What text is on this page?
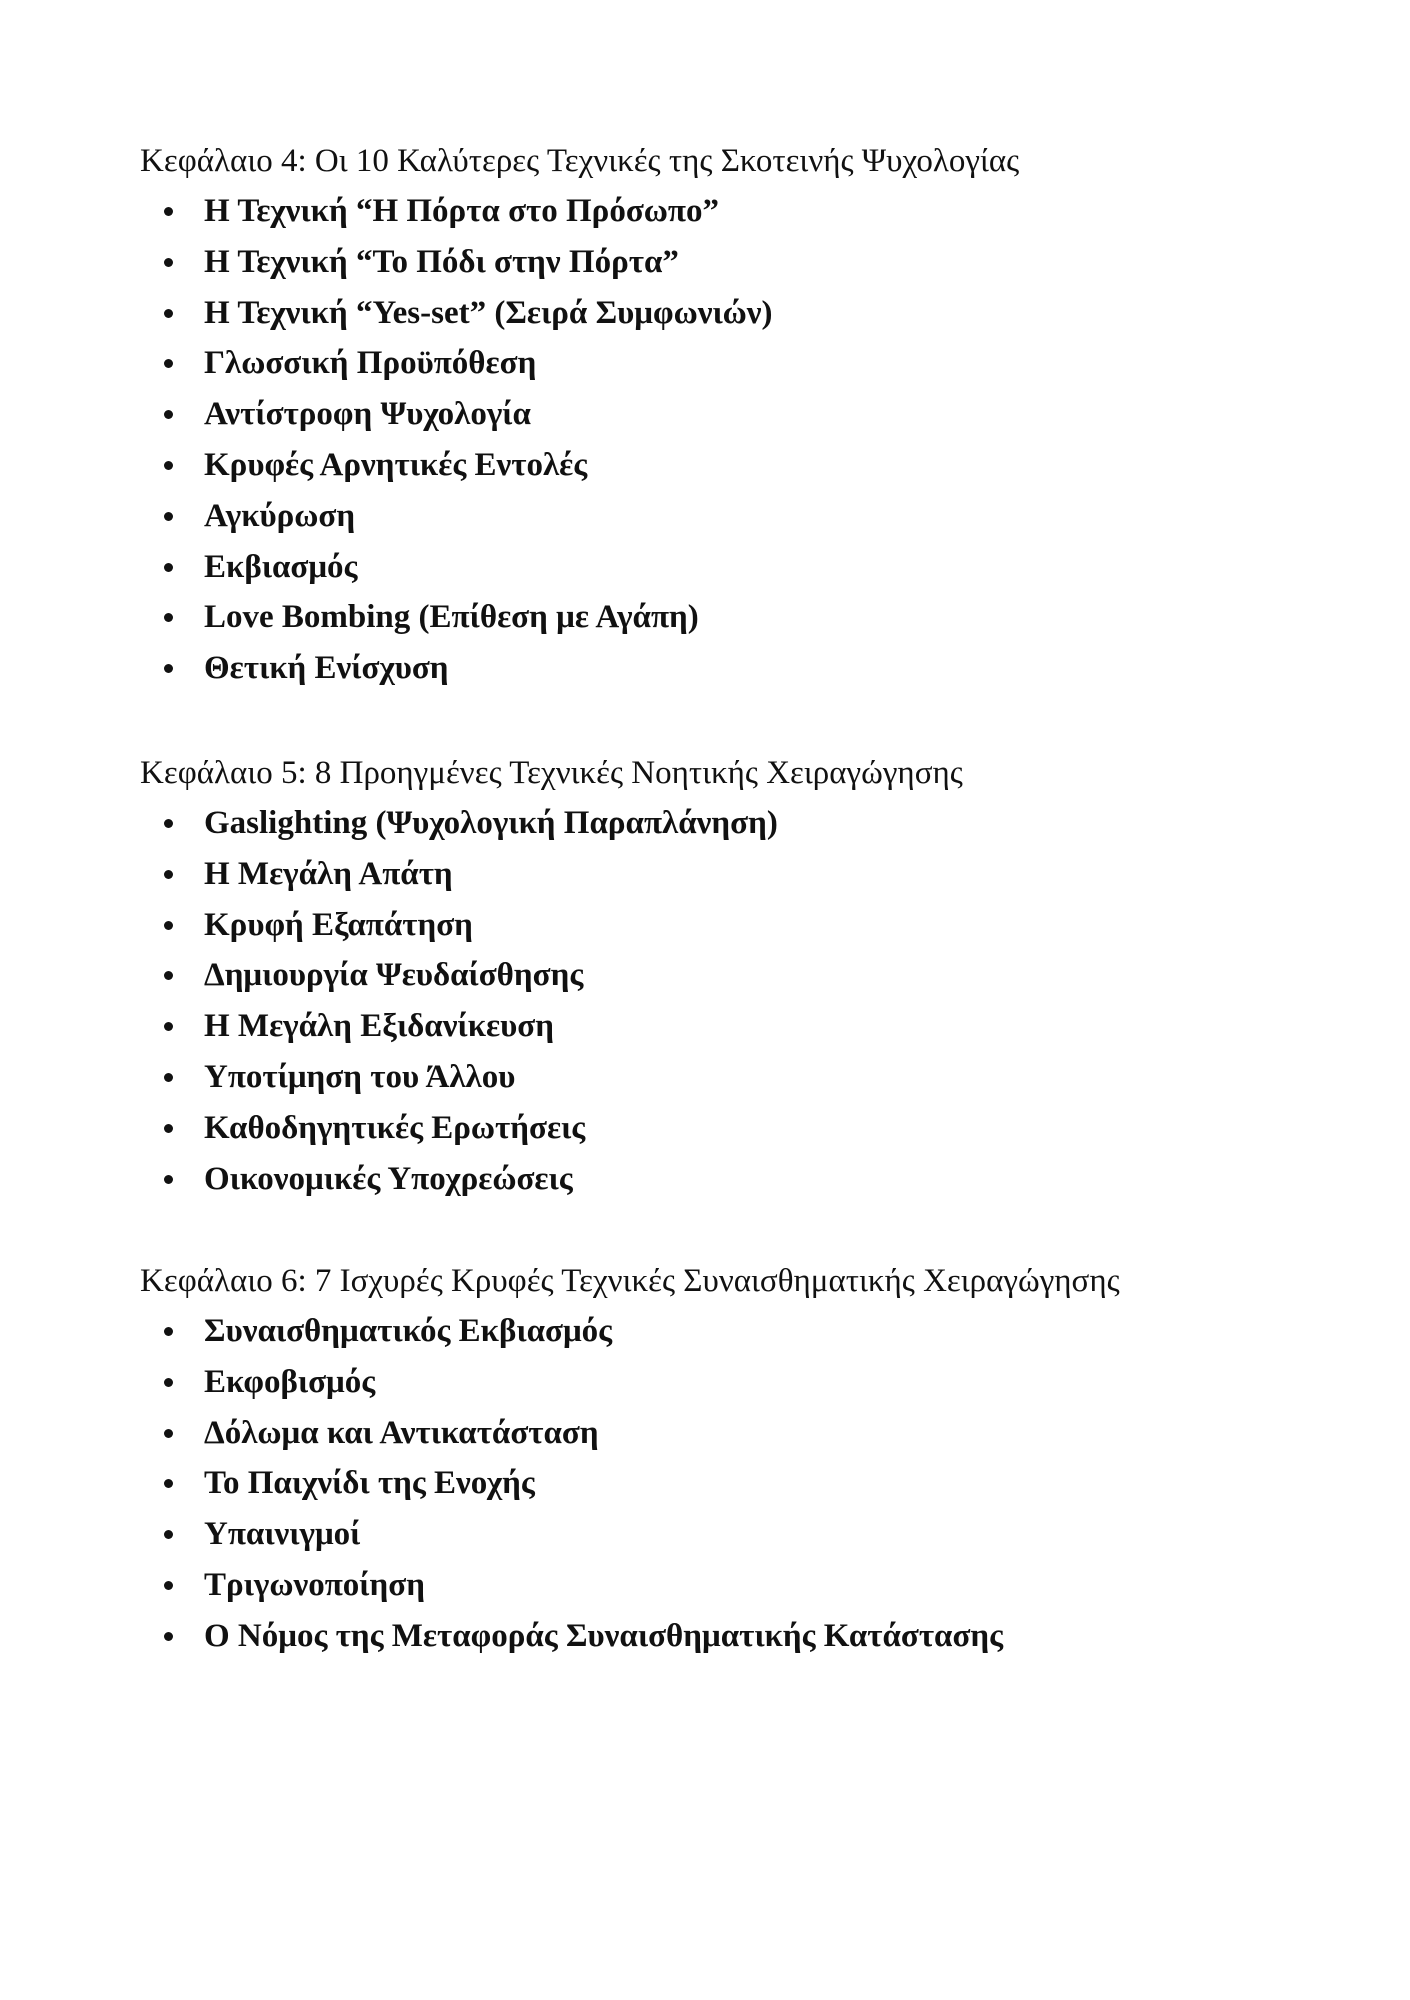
Κεφάλαιο 4: Οι 10 Καλύτερες Τεχνικές της Σκοτεινής Ψυχολογίας
Η Τεχνική “Η Πόρτα στο Πρόσωπο”
Η Τεχνική “Το Πόδι στην Πόρτα”
Η Τεχνική “Yes-set” (Σειρά Συμφωνιών)
Γλωσσική Προϋπόθεση
Αντίστροφη Ψυχολογία
Κρυφές Αρνητικές Εντολές
Αγκύρωση
Εκβιασμός
Love Bombing (Επίθεση με Αγάπη)
Θετική Ενίσχυση
Κεφάλαιο 5: 8 Προηγμένες Τεχνικές Νοητικής Χειραγώγησης
Gaslighting (Ψυχολογική Παραπλάνηση)
Η Μεγάλη Απάτη
Κρυφή Εξαπάτηση
Δημιουργία Ψευδαίσθησης
Η Μεγάλη Εξιδανίκευση
Υποτίμηση του Άλλου
Καθοδηγητικές Ερωτήσεις
Οικονομικές Υποχρεώσεις
Κεφάλαιο 6: 7 Ισχυρές Κρυφές Τεχνικές Συναισθηματικής Χειραγώγησης
Συναισθηματικός Εκβιασμός
Εκφοβισμός
Δόλωμα και Αντικατάσταση
Το Παιχνίδι της Ενοχής
Υπαινιγμοί
Τριγωνοποίηση
Ο Νόμος της Μεταφοράς Συναισθηματικής Κατάστασης
